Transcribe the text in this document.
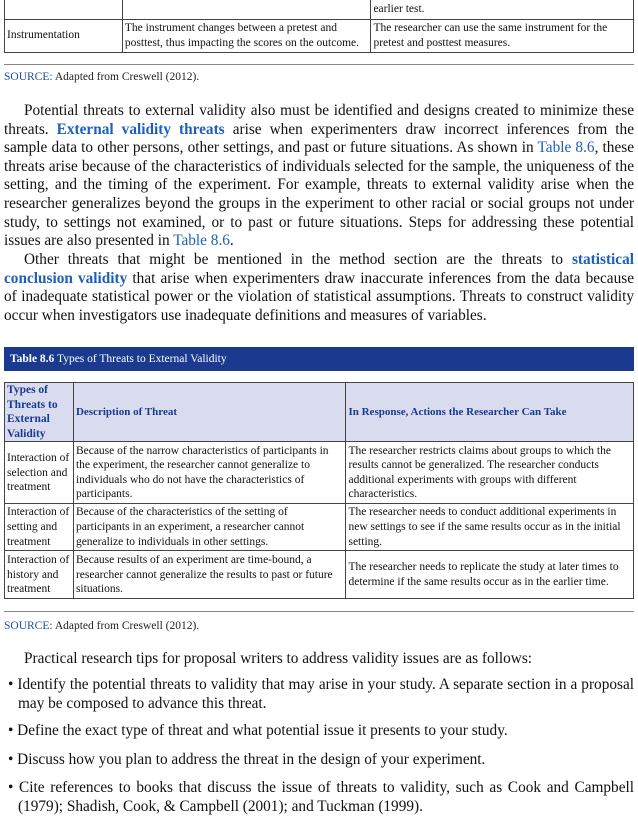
		earlier test.
Instrumentation	The instrument changes between a pretest and posttest, thus impacting the scores on the outcome.	The researcher can use the same instrument for the pretest and posttest measures.
SOURCE: Adapted from Creswell (2012).

Potential threats to external validity also must be identified and designs created to minimize these threats. External validity threats arise when experimenters draw incorrect inferences from the sample data to other persons, other settings, and past or future situations. As shown in Table 8.6, these threats arise because of the characteristics of individuals selected for the sample, the uniqueness of the setting, and the timing of the experiment. For example, threats to external validity arise when the researcher generalizes beyond the groups in the experiment to other racial or social groups not under study, to settings not examined, or to past or future situations. Steps for addressing these potential issues are also presented in Table 8.6.

Other threats that might be mentioned in the method section are the threats to statistical conclusion validity that arise when experimenters draw inaccurate inferences from the data because of inadequate statistical power or the violation of statistical assumptions. Threats to construct validity occur when investigators use inadequate definitions and measures of variables.

Table 8.6 Types of Threats to External Validity
Types of Threats to External Validity	Description of Threat	In Response, Actions the Researcher Can Take
Interaction of selection and treatment	Because of the narrow characteristics of participants in the experiment, the researcher cannot generalize to individuals who do not have the characteristics of participants.	The researcher restricts claims about groups to which the results cannot be generalized. The researcher conducts additional experiments with groups with different characteristics.
Interaction of setting and treatment	Because of the characteristics of the setting of participants in an experiment, a researcher cannot generalize to individuals in other settings.	The researcher needs to conduct additional experiments in new settings to see if the same results occur as in the initial setting.
Interaction of history and treatment	Because results of an experiment are time-bound, a researcher cannot generalize the results to past or future situations.	The researcher needs to replicate the study at later times to determine if the same results occur as in the earlier time.
SOURCE: Adapted from Creswell (2012).

Practical research tips for proposal writers to address validity issues are as follows:

• Identify the potential threats to validity that may arise in your study. A separate section in a proposal may be composed to advance this threat.
• Define the exact type of threat and what potential issue it presents to your study.
• Discuss how you plan to address the threat in the design of your experiment.
• Cite references to books that discuss the issue of threats to validity, such as Cook and Campbell (1979); Shadish, Cook, & Campbell (2001); and Tuckman (1999).
